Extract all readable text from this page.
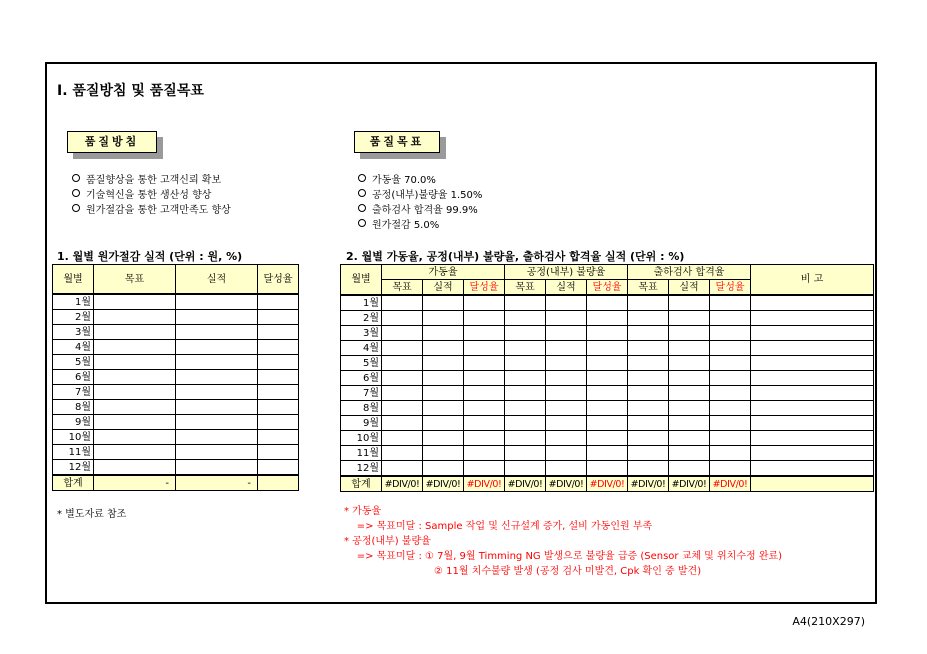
Ⅰ. 품질방침 및 품질목표
품질방침	품질목표
품질향상을 통한 고객신뢰 확보
기술혁신을 통한 생산성 향상
원가절감을 통한 고객만족도 향상
가동율 70.0%
공정(내부)불량율 1.50%
출하검사 합격율 99.9%
원가절감 5.0%
1. 월별 원가절감 실적 (단위 : 원, %)	2. 월별 가동율, 공정(내부) 불량율, 출하검사 합격율 실적 (단위 : %)
월별	목표	실적	달성율
1월			
2월			
3월			
4월			
5월			
6월			
7월			
8월			
9월			
10월			
11월			
12월			
합계	-	-	
월별	가동율			공정(내부) 불량율			출하검사 합격율			비 고
	목표	실적	달성율	목표	실적	달성율	목표	실적	달성율	
1월										
2월										
3월										
4월										
5월										
6월										
7월										
8월										
9월										
10월										
11월										
12월										
합계	#DIV/0!	#DIV/0!	#DIV/0!	#DIV/0!	#DIV/0!	#DIV/0!	#DIV/0!	#DIV/0!	#DIV/0!	
* 별도자료 참조	* 가동율
=> 목표미달 : Sample 작업 및 신규설계 증가, 설비 가동인원 부족
* 공정(내부) 불량율
=> 목표미달 : ① 7월, 9월 Timming NG 발생으로 불량율 급증 (Sensor 교체 및 위치수정 완료)
② 11월 치수불량 발생 (공정 검사 미발견, Cpk 확인 중 발견)
A4(210X297)
